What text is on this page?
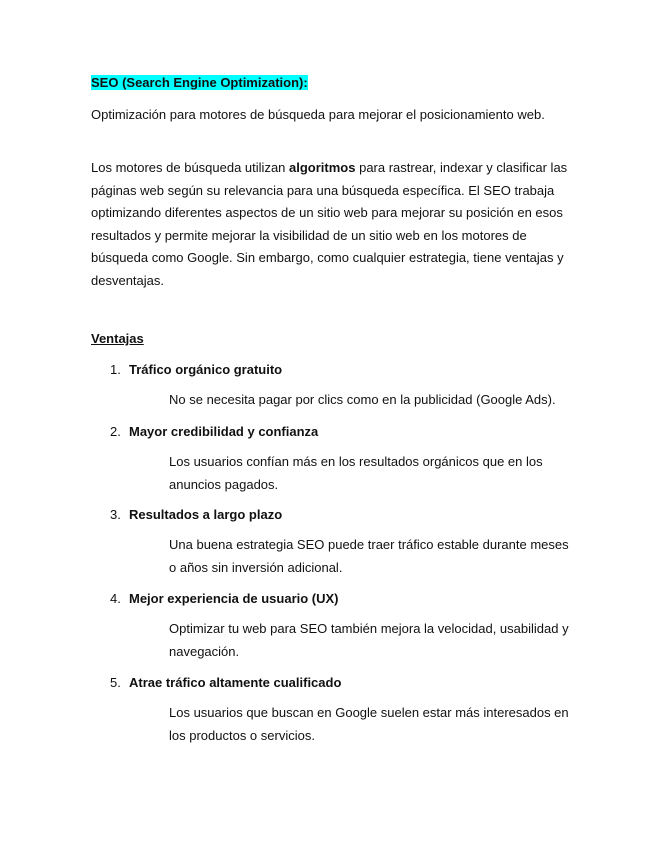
SEO (Search Engine Optimization):
Optimización para motores de búsqueda para mejorar el posicionamiento web.
Los motores de búsqueda utilizan algoritmos para rastrear, indexar y clasificar las páginas web según su relevancia para una búsqueda específica. El SEO trabaja optimizando diferentes aspectos de un sitio web para mejorar su posición en esos resultados y permite mejorar la visibilidad de un sitio web en los motores de búsqueda como Google. Sin embargo, como cualquier estrategia, tiene ventajas y desventajas.
Ventajas
1. Tráfico orgánico gratuito
No se necesita pagar por clics como en la publicidad (Google Ads).
2. Mayor credibilidad y confianza
Los usuarios confían más en los resultados orgánicos que en los anuncios pagados.
3. Resultados a largo plazo
Una buena estrategia SEO puede traer tráfico estable durante meses o años sin inversión adicional.
4. Mejor experiencia de usuario (UX)
Optimizar tu web para SEO también mejora la velocidad, usabilidad y navegación.
5. Atrae tráfico altamente cualificado
Los usuarios que buscan en Google suelen estar más interesados en los productos o servicios.
